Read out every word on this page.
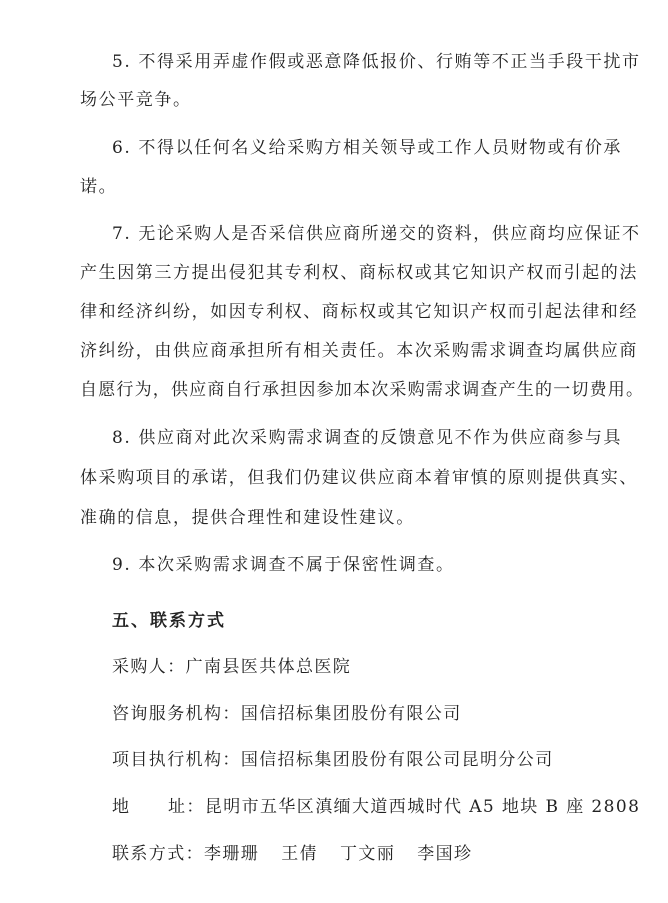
5. 不得采用弄虚作假或恶意降低报价、行贿等不正当手段干扰市
场公平竞争。
6. 不得以任何名义给采购方相关领导或工作人员财物或有价承
诺。
7. 无论采购人是否采信供应商所递交的资料，供应商均应保证不
产生因第三方提出侵犯其专利权、商标权或其它知识产权而引起的法
律和经济纠纷，如因专利权、商标权或其它知识产权而引起法律和经
济纠纷，由供应商承担所有相关责任。本次采购需求调查均属供应商
自愿行为，供应商自行承担因参加本次采购需求调查产生的一切费用。
8. 供应商对此次采购需求调查的反馈意见不作为供应商参与具
体采购项目的承诺，但我们仍建议供应商本着审慎的原则提供真实、
准确的信息，提供合理性和建设性建议。
9. 本次采购需求调查不属于保密性调查。
五、联系方式
采购人：广南县医共体总医院
咨询服务机构：国信招标集团股份有限公司
项目执行机构：国信招标集团股份有限公司昆明分公司
地 址：昆明市五华区滇缅大道西城时代 A5 地块 B 座 2808
联系方式：李珊珊 王倩 丁文丽 李国珍
